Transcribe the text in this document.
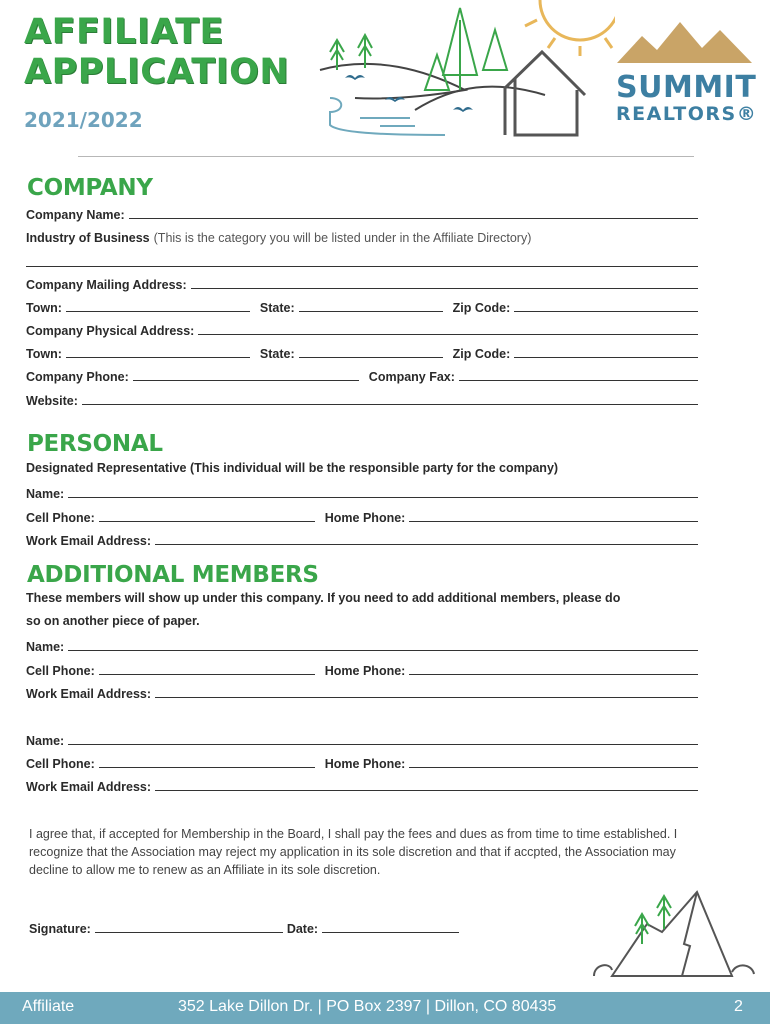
AFFILIATE
APPLICATION
2021/2022
SUMMIT
REALTORS®
COMPANY
Company Name:
Industry of Business (This is the category you will be listed under in the Affiliate Directory)
Company Mailing Address:
Town:	State:	Zip Code:
Company Physical Address:
Town:	State:	Zip Code:
Company Phone:	Company Fax:
Website:
PERSONAL
Designated Representative (This individual will be the responsible party for the company)
Name:
Cell Phone:	Home Phone:
Work Email Address:
ADDITIONAL MEMBERS
These members will show up under this company. If you need to add additional members, please do
so on another piece of paper.
Name:
Cell Phone:	Home Phone:
Work Email Address:
Name:
Cell Phone:	Home Phone:
Work Email Address:
I agree that, if accepted for Membership in the Board, I shall pay the fees and dues as from time to time established. I recognize that the Association may reject my application in its sole discretion and that if accpted, the Association may decline to allow me to renew as an Affiliate in its sole discretion.
Signature:	Date:
Affiliate	352 Lake Dillon Dr. | PO Box 2397 | Dillon, CO 80435	2
